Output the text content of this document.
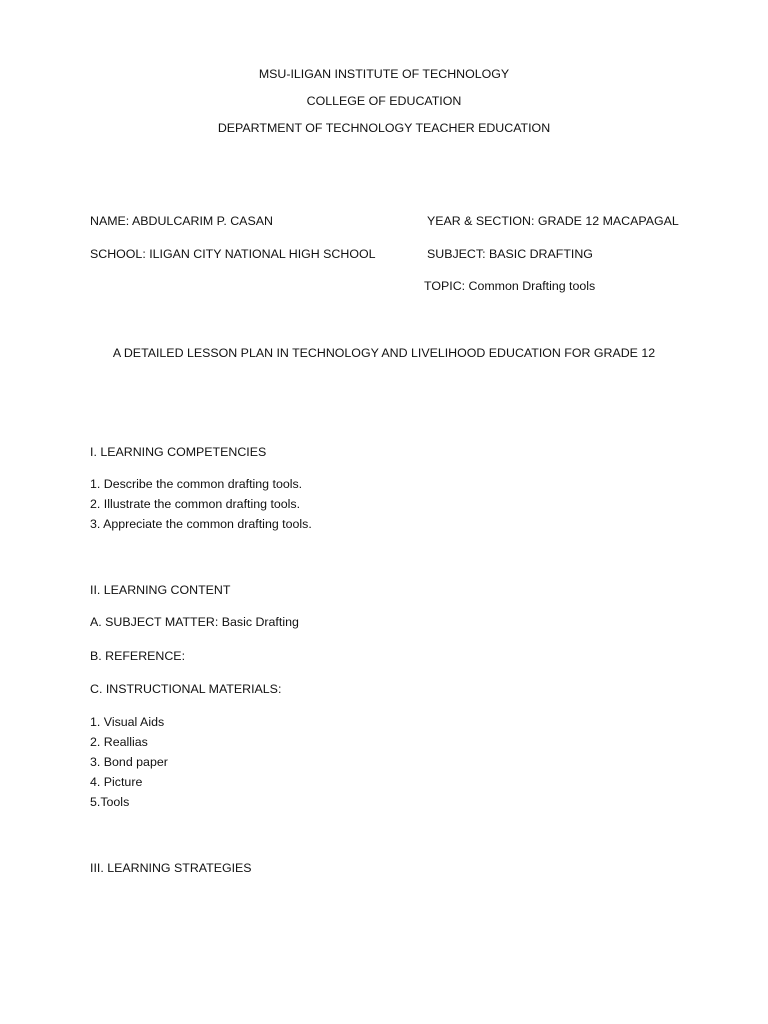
MSU-ILIGAN INSTITUTE OF TECHNOLOGY
COLLEGE OF EDUCATION
DEPARTMENT OF TECHNOLOGY TEACHER EDUCATION
NAME: ABDULCARIM P. CASAN
SCHOOL: ILIGAN CITY NATIONAL HIGH SCHOOL
YEAR & SECTION: GRADE 12 MACAPAGAL
SUBJECT: BASIC DRAFTING
TOPIC: Common Drafting tools
A DETAILED LESSON PLAN IN TECHNOLOGY AND LIVELIHOOD EDUCATION FOR GRADE 12
I. LEARNING COMPETENCIES
1. Describe the common drafting tools.
2. Illustrate the common drafting tools.
3. Appreciate the common drafting tools.
II. LEARNING CONTENT
A. SUBJECT MATTER: Basic Drafting
B. REFERENCE:
C. INSTRUCTIONAL MATERIALS:
1. Visual Aids
2. Reallias
3. Bond paper
4. Picture
5.Tools
III. LEARNING STRATEGIES
